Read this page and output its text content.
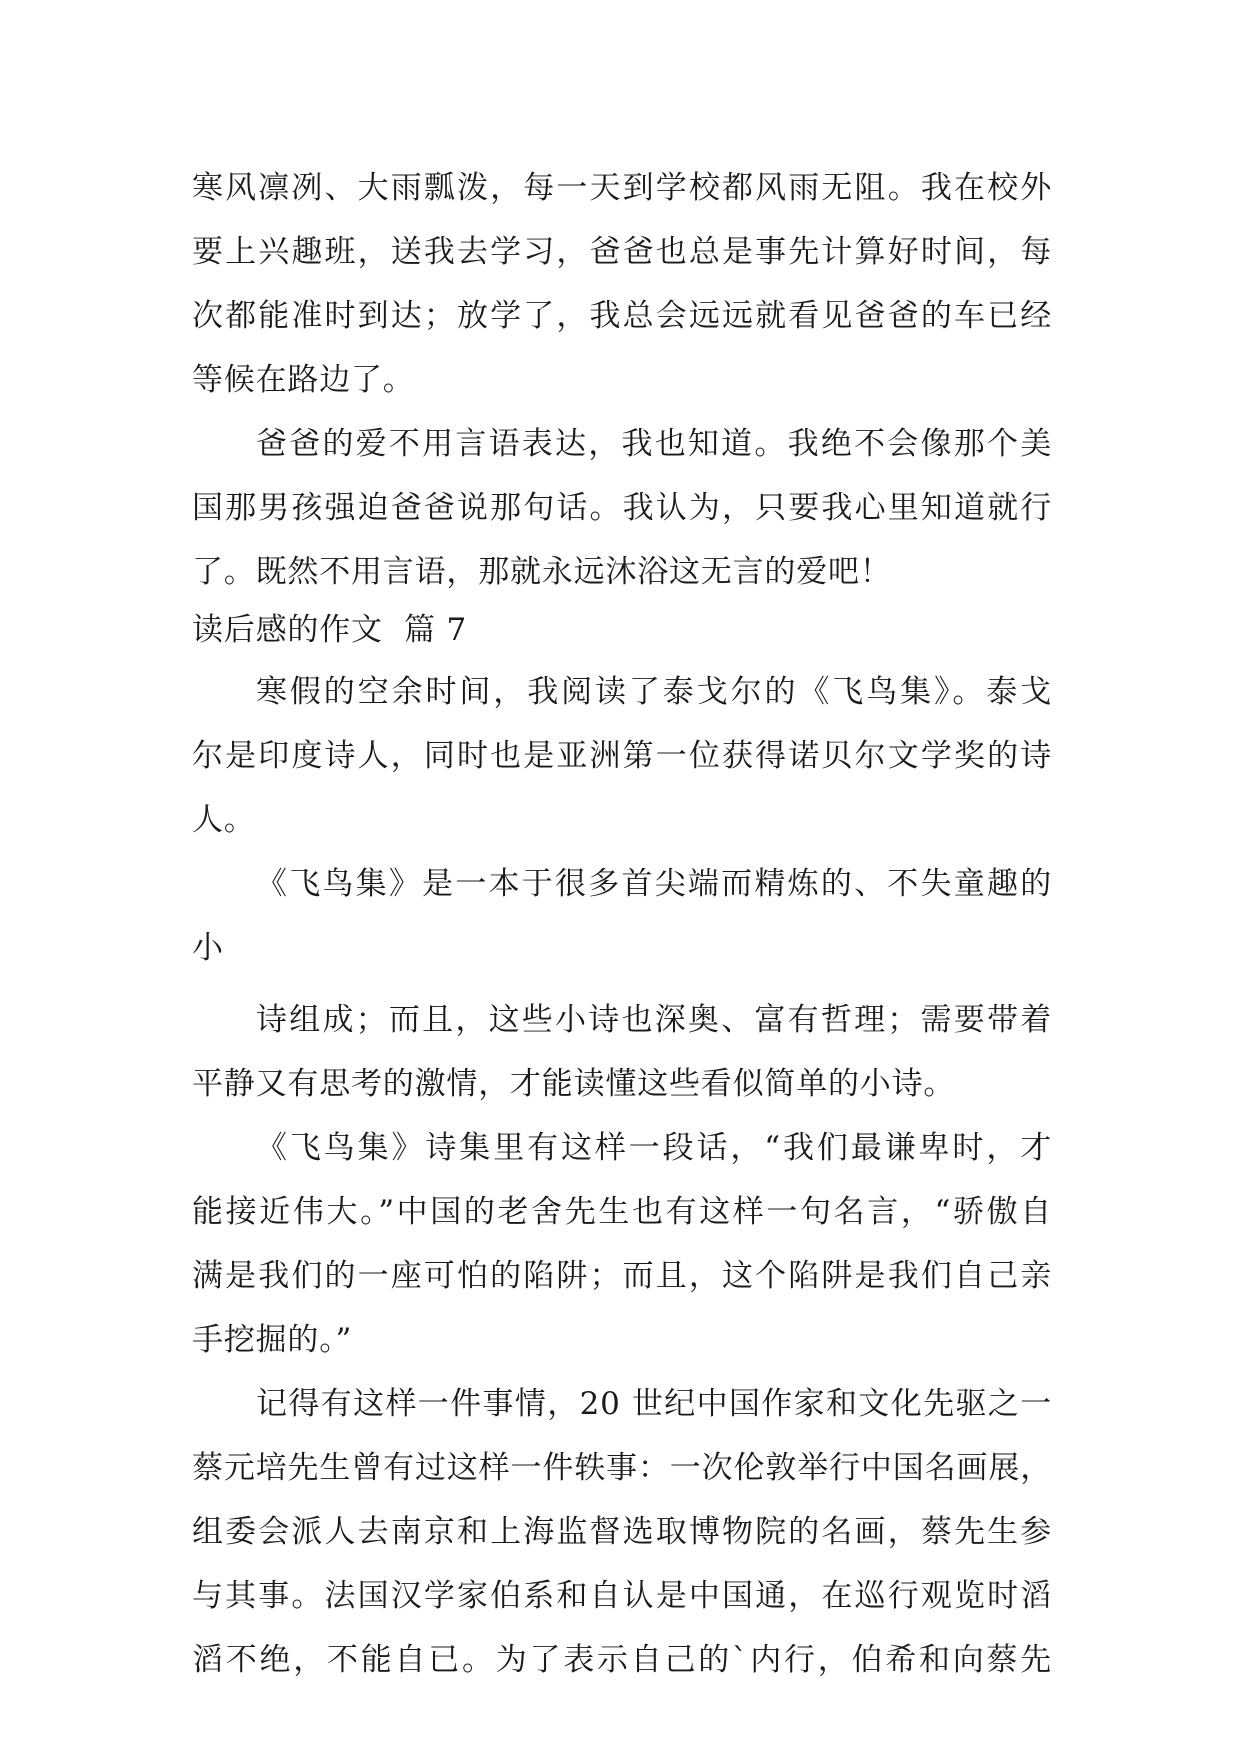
寒风凛冽、大雨瓢泼，每一天到学校都风雨无阻。我在校外
要上兴趣班，送我去学习，爸爸也总是事先计算好时间，每
次都能准时到达；放学了，我总会远远就看见爸爸的车已经
等候在路边了。
爸爸的爱不用言语表达，我也知道。我绝不会像那个美
国那男孩强迫爸爸说那句话。我认为，只要我心里知道就行
了。既然不用言语，那就永远沐浴这无言的爱吧！
读后感的作文  篇 7
寒假的空余时间，我阅读了泰戈尔的《飞鸟集》。泰戈
尔是印度诗人，同时也是亚洲第一位获得诺贝尔文学奖的诗
人。
《飞鸟集》是一本于很多首尖端而精炼的、不失童趣的
小
诗组成；而且，这些小诗也深奥、富有哲理；需要带着
平静又有思考的激情，才能读懂这些看似简单的小诗。
《飞鸟集》诗集里有这样一段话，“我们最谦卑时，才
能接近伟大。”中国的老舍先生也有这样一句名言，“骄傲自
满是我们的一座可怕的陷阱；而且，这个陷阱是我们自己亲
手挖掘的。”
记得有这样一件事情，20 世纪中国作家和文化先驱之一
蔡元培先生曾有过这样一件轶事：一次伦敦举行中国名画展，
组委会派人去南京和上海监督选取博物院的名画，蔡先生参
与其事。法国汉学家伯系和自认是中国通，在巡行观览时滔
滔不绝，不能自已。为了表示自己的`内行，伯希和向蔡先
